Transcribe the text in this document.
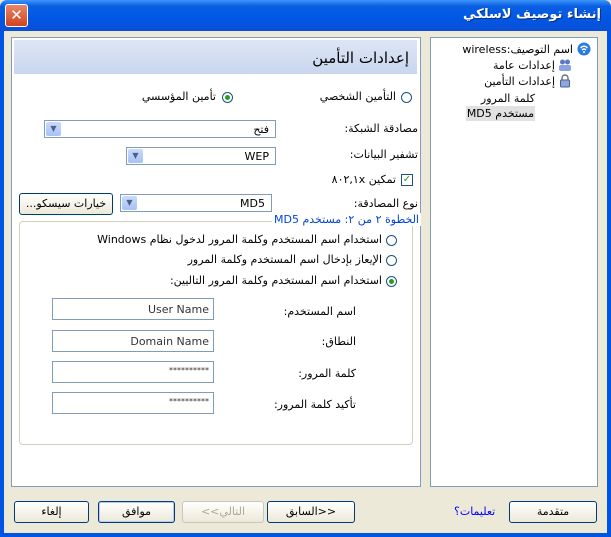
إنشاء توصيف لاسلكي
✕
إعدادات التأمين
التأمين الشخصي
تأمين المؤسسي
مصادقة الشبكة:
فتح
▼
تشفير البيانات:
WEP
▼
✓
تمكين ٨٠٢,١x
نوع المصادقة:
MD5
▼
خيارات سيسكو...
الخطوة ٢ من ٢: مستخدم MD5
استخدام اسم المستخدم وكلمة المرور لدخول نظام Windows
الإيعاز بإدخال اسم المستخدم وكلمة المرور
استخدام اسم المستخدم وكلمة المرور التاليين:
اسم المستخدم:
User Name
النطاق:
Domain Name
كلمة المرور:
**********
تأكيد كلمة المرور:
**********
اسم التوصيف:wireless
إعدادات عامة
إعدادات التأمين
كلمة المرور
مستخدم MD5
متقدمة
تعليمات؟
<<السابق
التالي>>
موافق
إلغاء
